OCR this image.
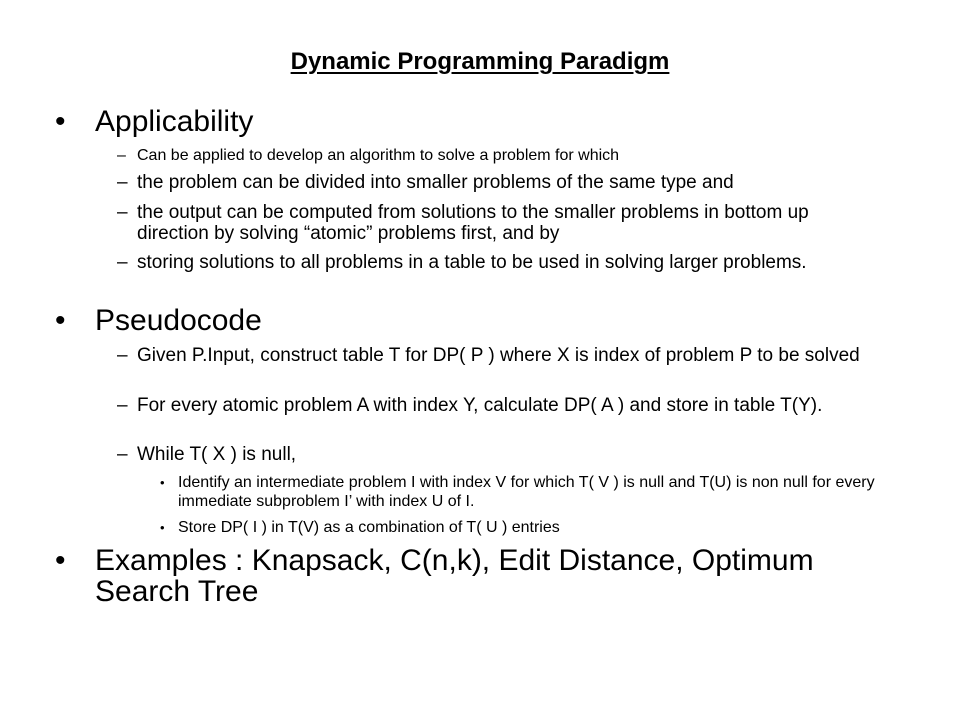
Dynamic Programming Paradigm
• Applicability
– Can be applied to develop an algorithm to solve a problem for which
– the problem can be divided into smaller problems of the same type and
– the output can be computed from solutions to the smaller problems in bottom up direction by solving “atomic” problems first, and by
– storing solutions to all problems in a table to be used in solving larger problems.
• Pseudocode
– Given P.Input, construct table T for DP( P ) where X is index of problem P to be solved
– For every atomic problem A with index Y, calculate DP( A ) and store in table T(Y).
– While T( X ) is null,
• Identify an intermediate problem I with index V for which T( V ) is null and T(U) is non null for every immediate subproblem I’ with index U of I.
• Store DP( I ) in T(V) as a combination of T( U ) entries
• Examples : Knapsack, C(n,k), Edit Distance, Optimum Search Tree
